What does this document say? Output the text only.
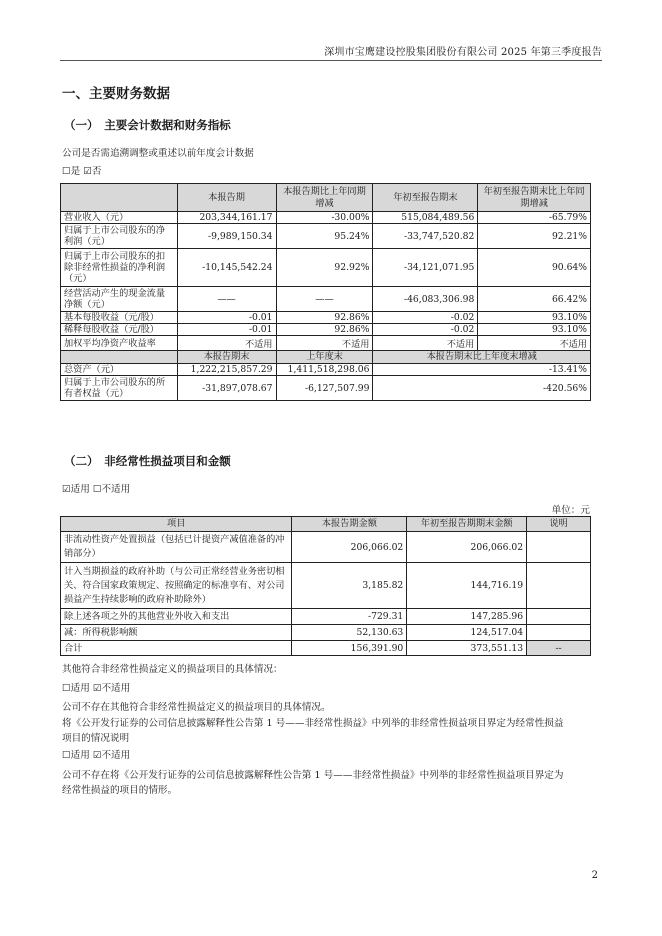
深圳市宝鹰建设控股集团股份有限公司 2025 年第三季度报告
一、主要财务数据
（一）　主要会计数据和财务指标
公司是否需追溯调整或重述以前年度会计数据
☐是 ☑否
	本报告期	本报告期比上年同期增减	年初至报告期末	年初至报告期末比上年同期增减
营业收入（元）	203,344,161.17	-30.00%	515,084,489.56	-65.79%
归属于上市公司股东的净利润（元）	-9,989,150.34	95.24%	-33,747,520.82	92.21%
归属于上市公司股东的扣除非经常性损益的净利润（元）	-10,145,542.24	92.92%	-34,121,071.95	90.64%
经营活动产生的现金流量净额（元）	——	——	-46,083,306.98	66.42%
基本每股收益（元/股）	-0.01	92.86%	-0.02	93.10%
稀释每股收益（元/股）	-0.01	92.86%	-0.02	93.10%
加权平均净资产收益率	不适用	不适用	不适用	不适用
	本报告期末	上年度末	本报告期末比上年度末增减	
总资产（元）	1,222,215,857.29	1,411,518,298.06	-13.41%	
归属于上市公司股东的所有者权益（元）	-31,897,078.67	-6,127,507.99	-420.56%	
（二）　非经常性损益项目和金额
☑适用 ☐不适用
单位：元
项目	本报告期金额	年初至报告期期末金额	说明
非流动性资产处置损益（包括已计提资产减值准备的冲销部分）	206,066.02	206,066.02	
计入当期损益的政府补助（与公司正常经营业务密切相关、符合国家政策规定、按照确定的标准享有、对公司损益产生持续影响的政府补助除外）	3,185.82	144,716.19	
除上述各项之外的其他营业外收入和支出	-729.31	147,285.96	
减：所得税影响额	52,130.63	124,517.04	
合计	156,391.90	373,551.13	--
其他符合非经常性损益定义的损益项目的具体情况：
☐适用 ☑不适用
公司不存在其他符合非经常性损益定义的损益项目的具体情况。
将《公开发行证券的公司信息披露解释性公告第 1 号——非经常性损益》中列举的非经常性损益项目界定为经常性损益
项目的情况说明
☐适用 ☑不适用
公司不存在将《公开发行证券的公司信息披露解释性公告第 1 号——非经常性损益》中列举的非经常性损益项目界定为
经常性损益的项目的情形。
2
